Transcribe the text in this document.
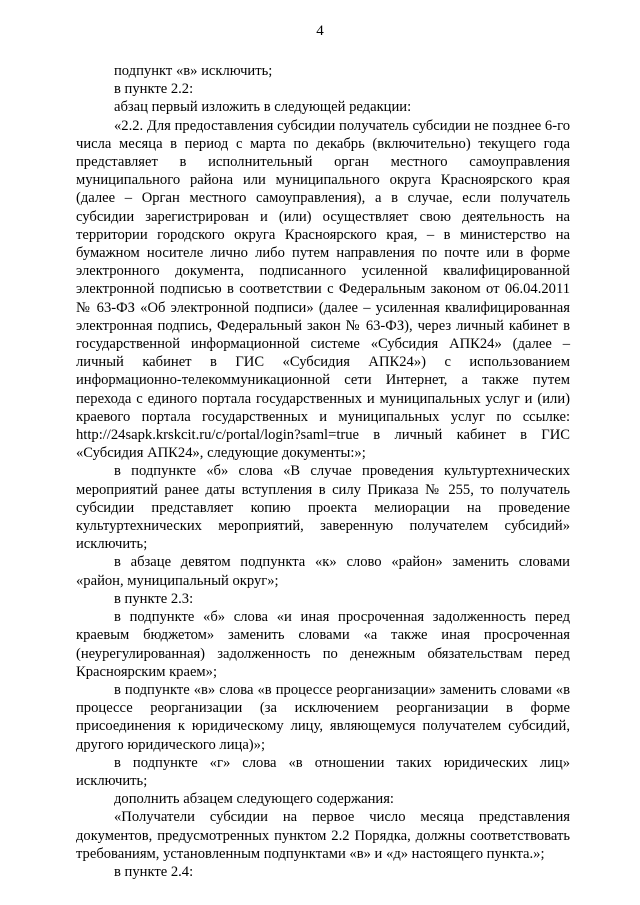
4

подпункт «в» исключить;

в пункте 2.2:

абзац первый изложить в следующей редакции:

«2.2. Для предоставления субсидии получатель субсидии не позднее 6-го числа месяца в период с марта по декабрь (включительно) текущего года представляет в исполнительный орган местного самоуправления муниципального района или муниципального округа Красноярского края (далее – Орган местного самоуправления), а в случае, если получатель субсидии зарегистрирован и (или) осуществляет свою деятельность на территории городского округа Красноярского края, – в министерство на бумажном носителе лично либо путем направления по почте или в форме электронного документа, подписанного усиленной квалифицированной электронной подписью в соответствии с Федеральным законом от 06.04.2011 № 63-ФЗ «Об электронной подписи» (далее – усиленная квалифицированная электронная подпись, Федеральный закон № 63-ФЗ), через личный кабинет в государственной информационной системе «Субсидия АПК24» (далее – личный кабинет в ГИС «Субсидия АПК24») с использованием информационно-телекоммуникационной сети Интернет, а также путем перехода с единого портала государственных и муниципальных услуг и (или) краевого портала государственных и муниципальных услуг по ссылке: http://24sapk.krskcit.ru/c/portal/login?saml=true в личный кабинет в ГИС «Субсидия АПК24», следующие документы:»;

в подпункте «б» слова «В случае проведения культуртехнических мероприятий ранее даты вступления в силу Приказа № 255, то получатель субсидии представляет копию проекта мелиорации на проведение культуртехнических мероприятий, заверенную получателем субсидий» исключить;

в абзаце девятом подпункта «к» слово «район» заменить словами «район, муниципальный округ»;

в пункте 2.3:

в подпункте «б» слова «и иная просроченная задолженность перед краевым бюджетом» заменить словами «а также иная просроченная (неурегулированная) задолженность по денежным обязательствам перед Красноярским краем»;

в подпункте «в» слова «в процессе реорганизации» заменить словами «в процессе реорганизации (за исключением реорганизации в форме присоединения к юридическому лицу, являющемуся получателем субсидий, другого юридического лица)»;

в подпункте «г» слова «в отношении таких юридических лиц» исключить;

дополнить абзацем следующего содержания:

«Получатели субсидии на первое число месяца представления документов, предусмотренных пунктом 2.2 Порядка, должны соответствовать требованиям, установленным подпунктами «в» и «д» настоящего пункта.»;

в пункте 2.4:
